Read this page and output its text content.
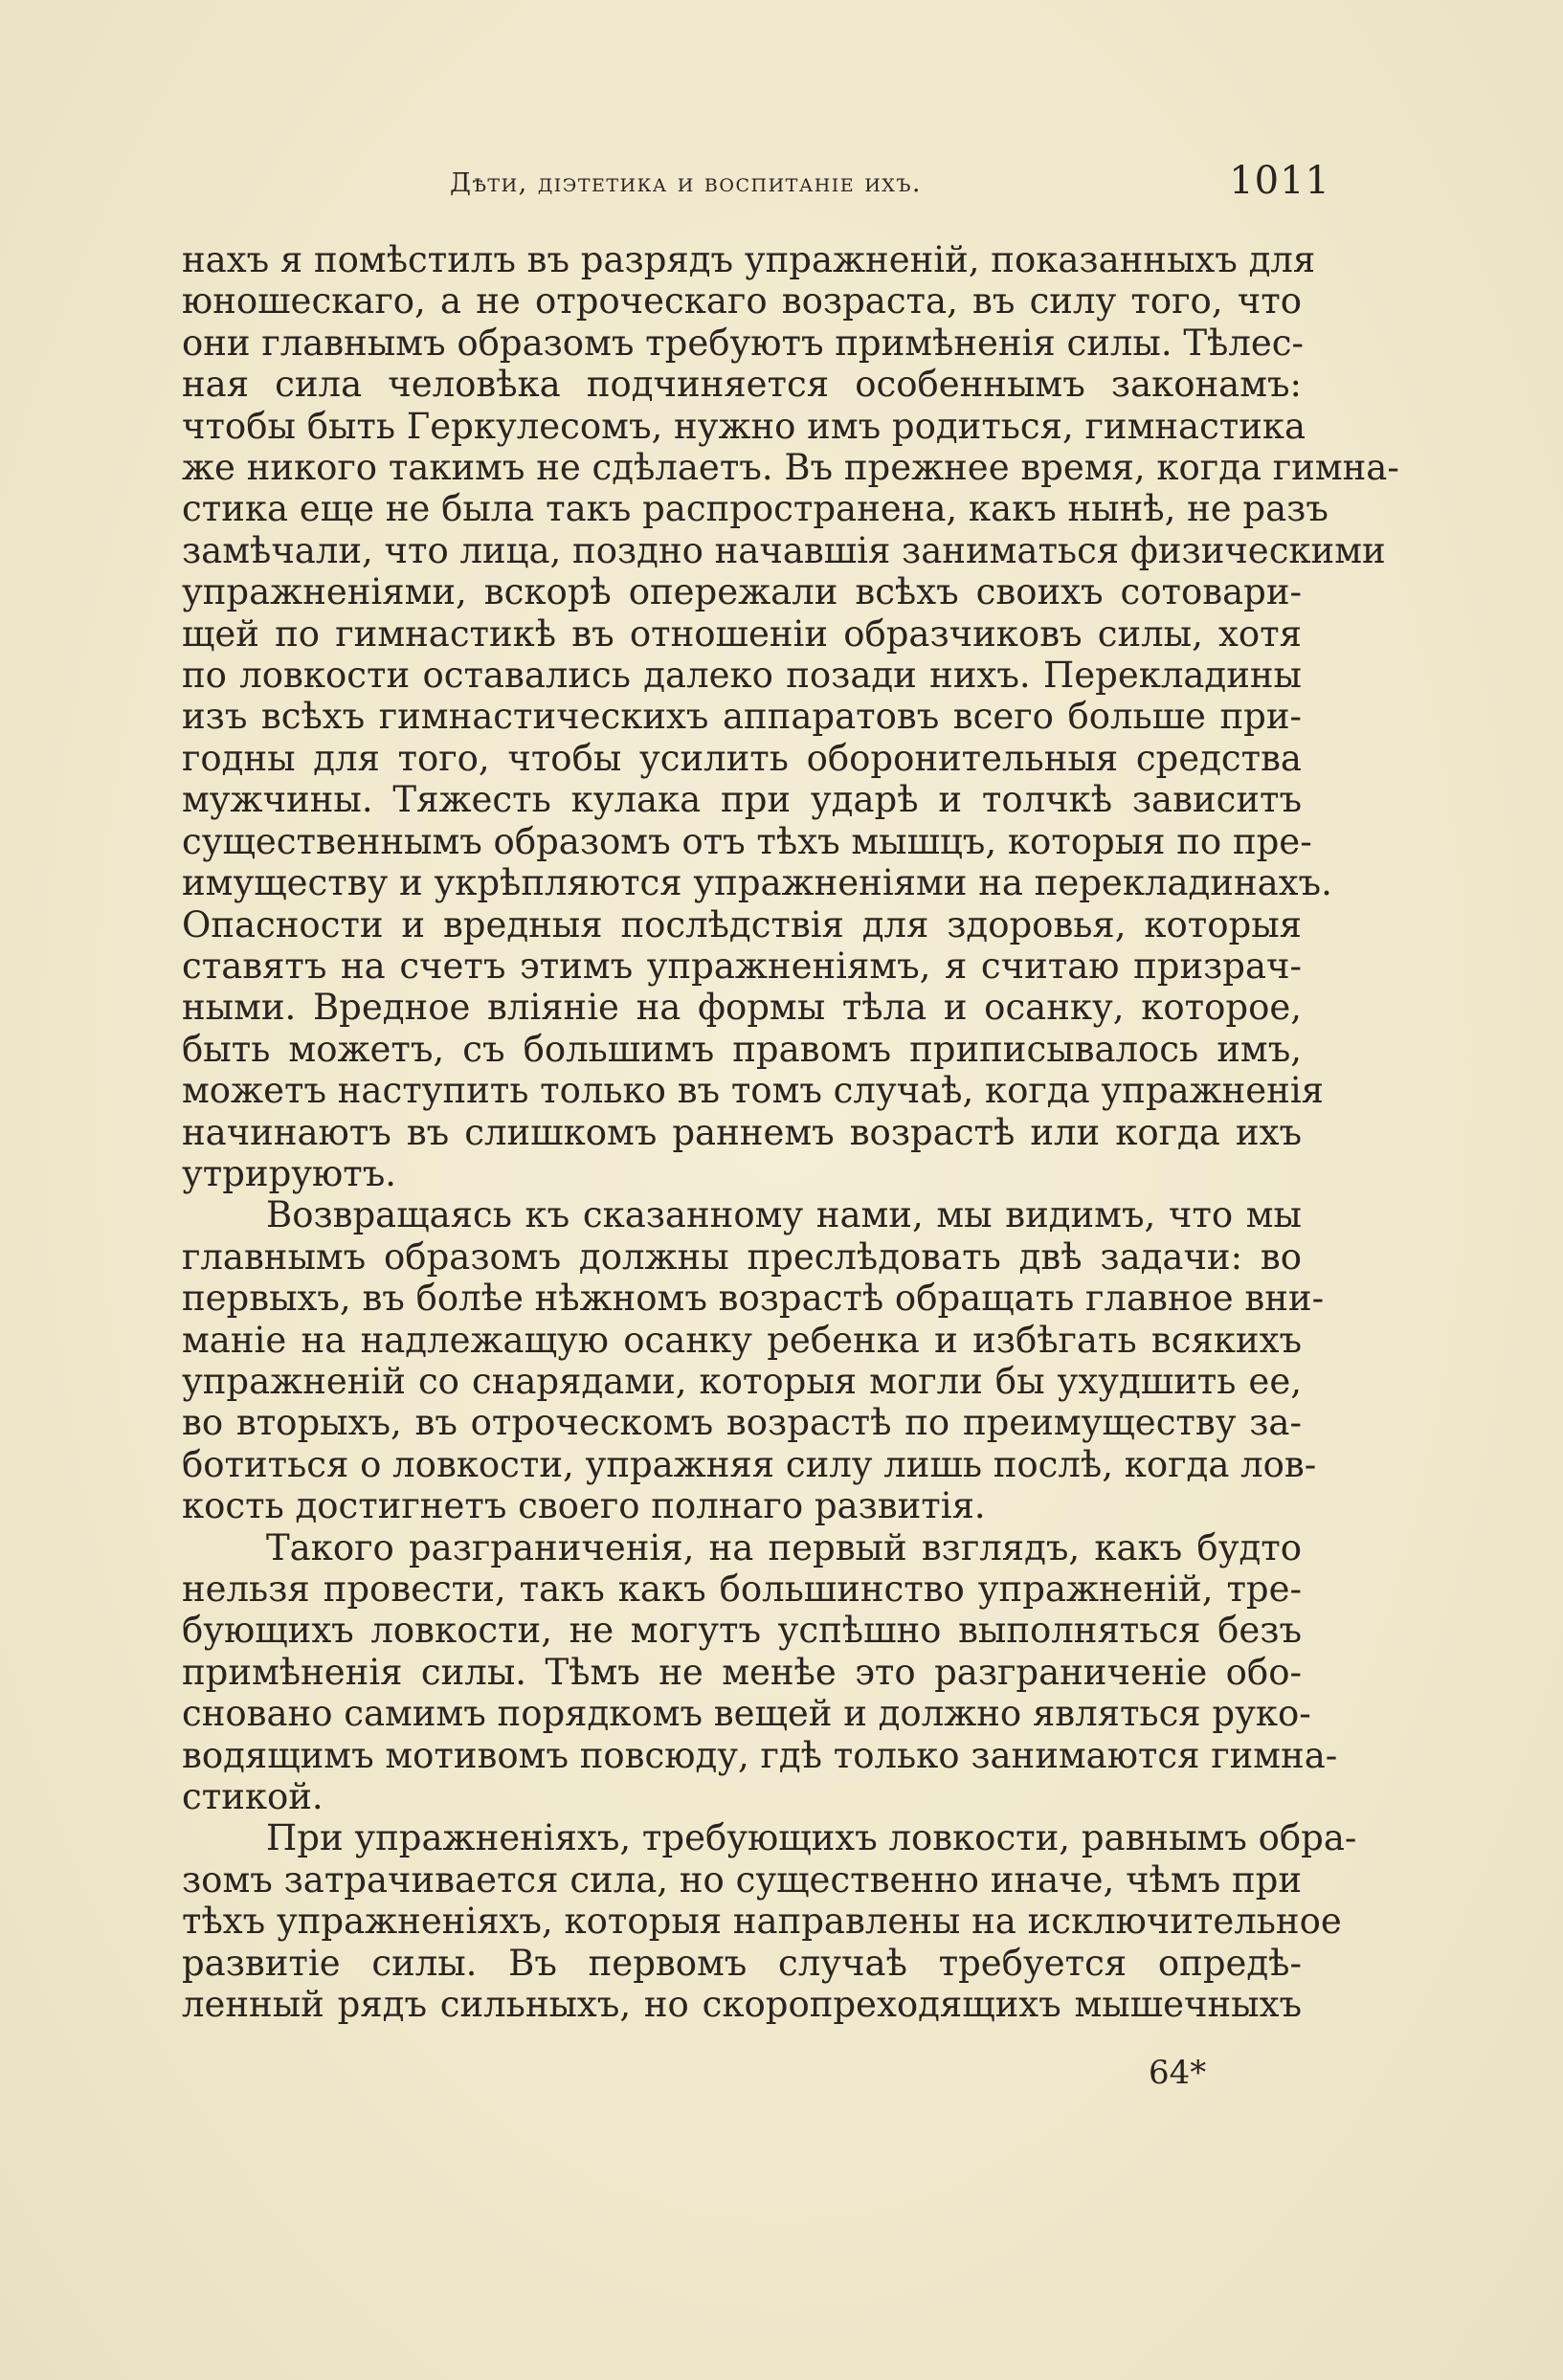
Дѣти, діэтетика и воспитаніе ихъ.	1011
нахъ я помѣстилъ въ разрядъ упражненій, показанныхъ для
юношескаго, а не отроческаго возраста, въ силу того, что
они главнымъ образомъ требуютъ примѣненія силы. Тѣлес-
ная сила человѣка подчиняется особеннымъ законамъ:
чтобы быть Геркулесомъ, нужно имъ родиться, гимнастика
же никого такимъ не сдѣлаетъ. Въ прежнее время, когда гимна-
стика еще не была такъ распространена, какъ нынѣ, не разъ
замѣчали, что лица, поздно начавшія заниматься физическими
упражненіями, вскорѣ опережали всѣхъ своихъ сотовари-
щей по гимнастикѣ въ отношеніи образчиковъ силы, хотя
по ловкости оставались далеко позади нихъ. Перекладины
изъ всѣхъ гимнастическихъ аппаратовъ всего больше при-
годны для того, чтобы усилить оборонительныя средства
мужчины. Тяжесть кулака при ударѣ и толчкѣ зависитъ
существеннымъ образомъ отъ тѣхъ мышцъ, которыя по пре-
имуществу и укрѣпляются упражненіями на перекладинахъ.
Опасности и вредныя послѣдствія для здоровья, которыя
ставятъ на счетъ этимъ упражненіямъ, я считаю призрач-
ными. Вредное вліяніе на формы тѣла и осанку, которое,
быть можетъ, съ большимъ правомъ приписывалось имъ,
можетъ наступить только въ томъ случаѣ, когда упражненія
начинаютъ въ слишкомъ раннемъ возрастѣ или когда ихъ
утрируютъ.
Возвращаясь къ сказанному нами, мы видимъ, что мы
главнымъ образомъ должны преслѣдовать двѣ задачи: во
первыхъ, въ болѣе нѣжномъ возрастѣ обращать главное вни-
маніе на надлежащую осанку ребенка и избѣгать всякихъ
упражненій со снарядами, которыя могли бы ухудшить ее,
во вторыхъ, въ отроческомъ возрастѣ по преимуществу за-
ботиться о ловкости, упражняя силу лишь послѣ, когда лов-
кость достигнетъ своего полнаго развитія.
Такого разграниченія, на первый взглядъ, какъ будто
нельзя провести, такъ какъ большинство упражненій, тре-
бующихъ ловкости, не могутъ успѣшно выполняться безъ
примѣненія силы. Тѣмъ не менѣе это разграниченіе обо-
сновано самимъ порядкомъ вещей и должно являться руко-
водящимъ мотивомъ повсюду, гдѣ только занимаются гимна-
стикой.
При упражненіяхъ, требующихъ ловкости, равнымъ обра-
зомъ затрачивается сила, но существенно иначе, чѣмъ при
тѣхъ упражненіяхъ, которыя направлены на исключительное
развитіе силы. Въ первомъ случаѣ требуется опредѣ-
ленный рядъ сильныхъ, но скоропреходящихъ мышечныхъ
64*
